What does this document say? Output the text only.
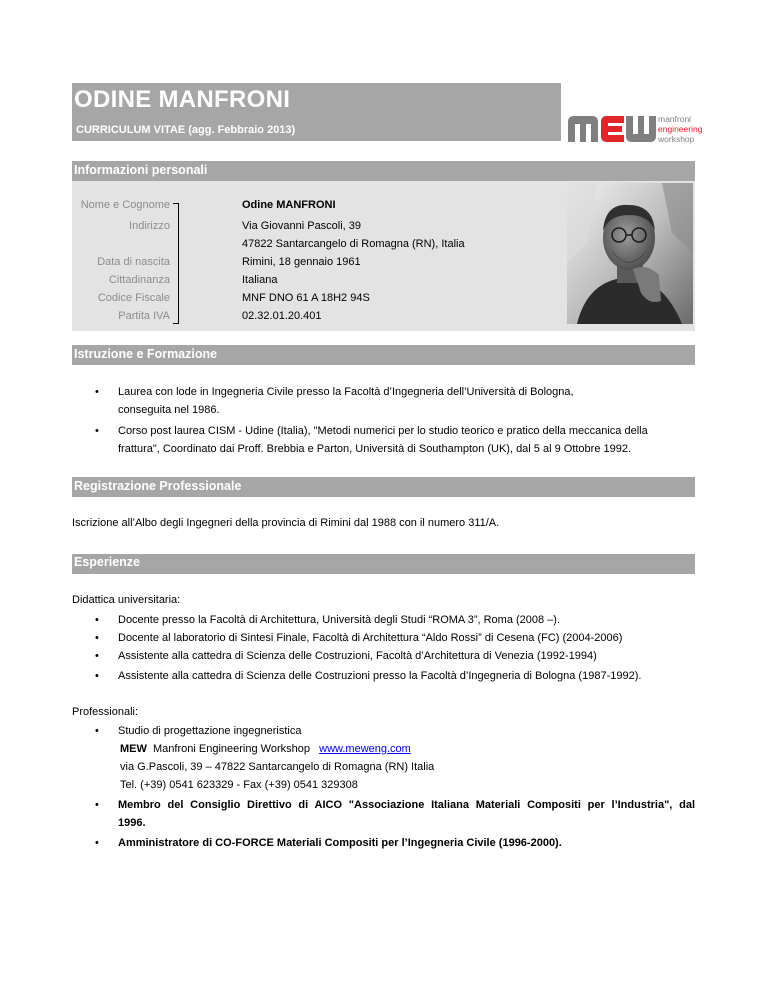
ODINE MANFRONI
CURRICULUM VITAE (agg. Febbraio 2013)
manfroni
engineering
workshop
Informazioni personali
Nome e Cognome
Indirizzo
Data di nascita
Cittadinanza
Codice Fiscale
Partita IVA
Odine MANFRONI
Via Giovanni Pascoli, 39
47822 Santarcangelo di Romagna (RN), Italia
Rimini, 18 gennaio 1961
Italiana
MNF DNO 61 A 18H2 94S
02.32.01.20.401
Istruzione e Formazione
• Laurea con lode in Ingegneria Civile presso la Facoltà d’Ingegneria dell’Università di Bologna,
conseguita nel 1986.
• Corso post laurea CISM - Udine (Italia), "Metodi numerici per lo studio teorico e pratico della meccanica della
frattura", Coordinato dai Proff. Brebbia e Parton, Università di Southampton (UK), dal 5 al 9 Ottobre 1992.
Registrazione Professionale
Iscrizione all’Albo degli Ingegneri della provincia di Rimini dal 1988 con il numero 311/A.
Esperienze
Didattica universitaria:
• Docente presso la Facoltà di Architettura, Università degli Studi “ROMA 3”, Roma (2008 –).
• Docente al laboratorio di Sintesi Finale, Facoltà di Architettura “Aldo Rossi” di Cesena (FC) (2004-2006)
• Assistente alla cattedra di Scienza delle Costruzioni, Facoltà d’Architettura di Venezia (1992-1994)
• Assistente alla cattedra di Scienza delle Costruzioni presso la Facoltà d’Ingegneria di Bologna (1987-1992).
Professionali:
• Studio di progettazione ingegneristica
MEW Manfroni Engineering Workshop www.meweng.com
via G.Pascoli, 39 – 47822 Santarcangelo di Romagna (RN) Italia
Tel. (+39) 0541 623329 - Fax (+39) 0541 329308
• Membro del Consiglio Direttivo di AICO "Associazione Italiana Materiali Compositi per l’Industria", dal
1996.
• Amministratore di CO-FORCE Materiali Compositi per l’Ingegneria Civile (1996-2000).
